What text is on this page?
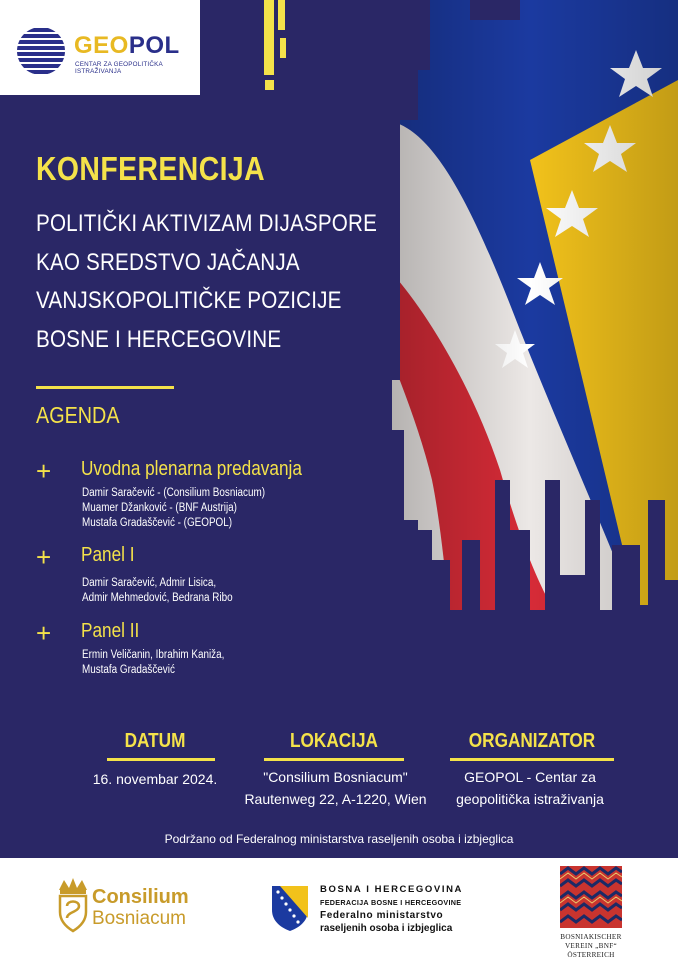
GEOPOL
CENTAR ZA GEOPOLITIČKA ISTRAŽIVANJA
KONFERENCIJA
POLITIČKI AKTIVIZAM DIJASPORE
KAO SREDSTVO JAČANJA
VANJSKOPOLITIČKE POZICIJE
BOSNE I HERCEGOVINE
AGENDA
+ Uvodna plenarna predavanja
Damir Saračević - (Consilium Bosniacum)
Muamer Džanković - (BNF Austrija)
Mustafa Gradaščević - (GEOPOL)
+ Panel I
Damir Saračević, Admir Lisica,
Admir Mehmedović, Bedrana Ribo
+ Panel II
Ermin Veličanin, Ibrahim Kaniža,
Mustafa Gradaščević
DATUM
16. novembar 2024.
LOKACIJA
"Consilium Bosniacum"
Rautenweg 22, A-1220, Wien
ORGANIZATOR
GEOPOL - Centar za
geopolitička istraživanja
Podržano od Federalnog ministarstva raseljenih osoba i izbjeglica
Consilium
Bosniacum
BOSNA I HERCEGOVINA
FEDERACIJA BOSNE I HERCEGOVINE
Federalno ministarstvo
raseljenih osoba i izbjeglica
BOSNIAKISCHER
VEREIN „BNF“
ÖSTERREICH
